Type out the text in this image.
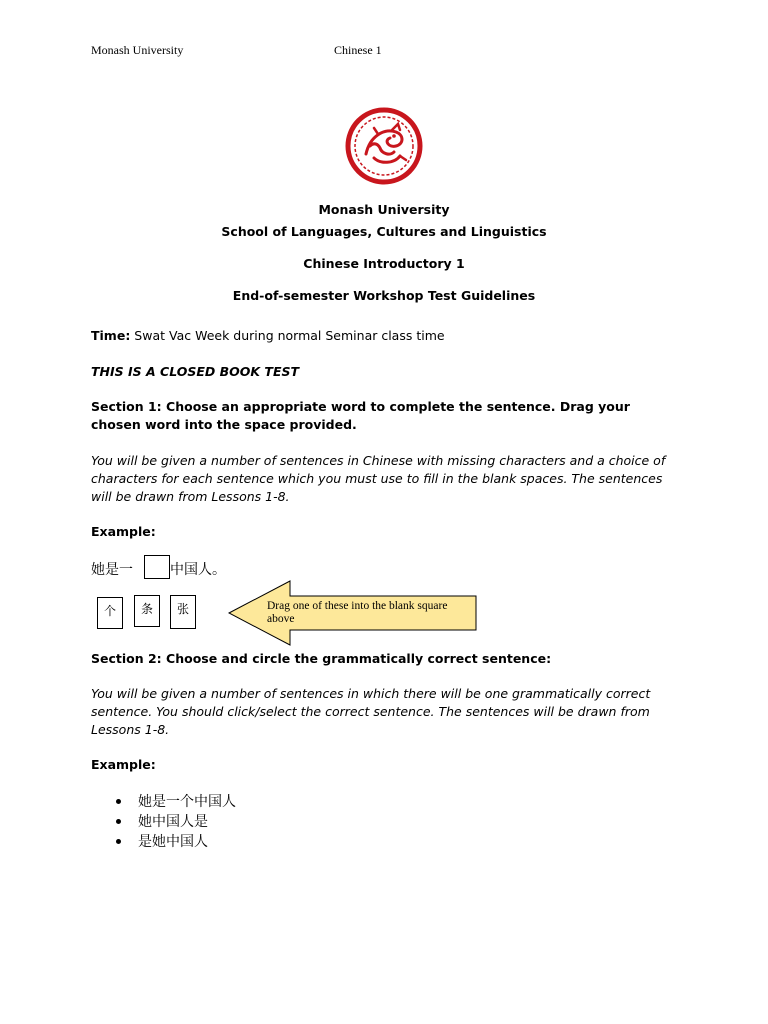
Monash University	Chinese 1
Monash University
School of Languages, Cultures and Linguistics
Chinese Introductory 1
End-of-semester Workshop Test Guidelines
Time: Swat Vac Week during normal Seminar class time
THIS IS A CLOSED BOOK TEST
Section 1: Choose an appropriate word to complete the sentence. Drag your chosen word into the space provided.
You will be given a number of sentences in Chinese with missing characters and a choice of characters for each sentence which you must use to fill in the blank spaces. The sentences will be drawn from Lessons 1-8.
Example:
她是一	中国人。
个	条	张	Drag one of these into the blank square above
Section 2: Choose and circle the grammatically correct sentence:
You will be given a number of sentences in which there will be one grammatically correct sentence. You should click/select the correct sentence. The sentences will be drawn from Lessons 1-8.
Example:
她是一个中国人
她中国人是
是她中国人
